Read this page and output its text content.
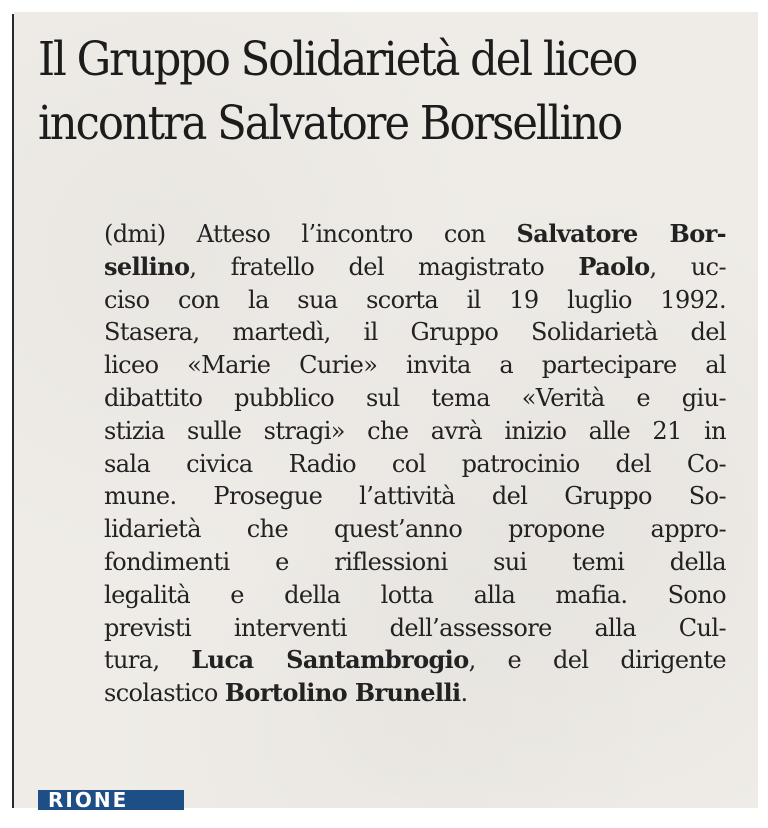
Il Gruppo Solidarietà del liceo
incontra Salvatore Borsellino
(dmi) Atteso l’incontro con Salvatore Bor-
sellino, fratello del magistrato Paolo, uc-
ciso con la sua scorta il 19 luglio 1992.
Stasera, martedì, il Gruppo Solidarietà del
liceo «Marie Curie» invita a partecipare al
dibattito pubblico sul tema «Verità e giu-
stizia sulle stragi» che avrà inizio alle 21 in
sala civica Radio col patrocinio del Co-
mune. Prosegue l’attività del Gruppo So-
lidarietà che quest’anno propone appro-
fondimenti e riflessioni sui temi della
legalità e della lotta alla mafia. Sono
previsti interventi dell’assessore alla Cul-
tura, Luca Santambrogio, e del dirigente
scolastico Bortolino Brunelli.
RIONE
